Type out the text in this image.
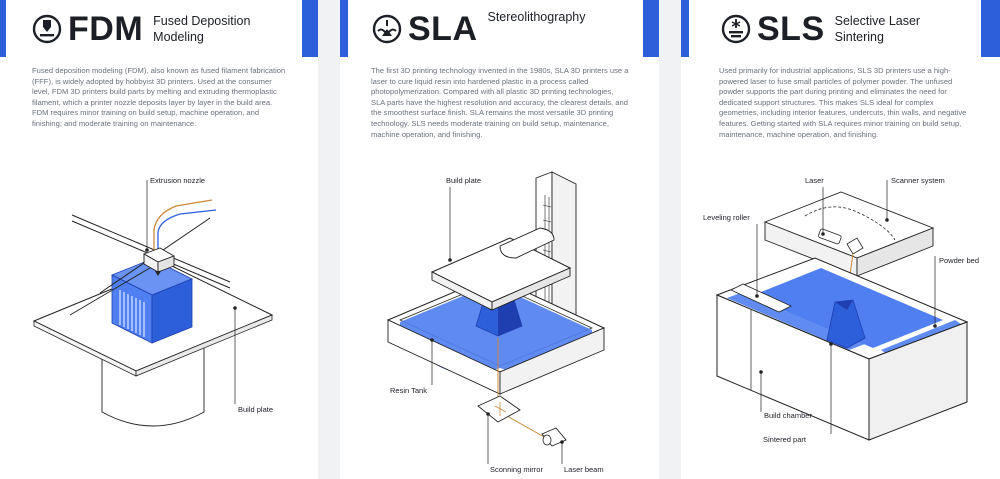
FDM Fused Deposition Modeling
Fused deposition modeling (FDM), also known as fused filament fabrication (FFF), is widely adopted by hobbyist 3D printers. Used at the consumer level, FDM 3D printers build parts by melting and extruding thermoplastic filament, which a printer nozzle deposits layer by layer in the build area. FDM requires minor training on build setup, machine operation, and finishing; and moderate training on maintenance.
Extrusion nozzle
Build plate
SLA Stereolithography
The first 3D printing technology invented in the 1980s, SLA 3D printers use a laser to cure liquid resin into hardened plastic in a process called photopolymerization. Compared with all plastic 3D printing technologies, SLA parts have the highest resolution and accuracy, the clearest details, and the smoothest surface finish. SLA remains the most versatile 3D printing technology. SLS needs moderate training on build setup, maintenance, machine operation, and finishing.
Build plate
Resin Tank
Sconning mirror	Laser beam
SLS Selective Laser Sintering
Used primarily for industrial applications, SLS 3D printers use a high-powered laser to fuse small particles of polymer powder. The unfused powder supports the part during printing and eliminates the need for dedicated support structures. This makes SLS ideal for complex geometries, including interior features, undercuts, thin walls, and negative features. Getting started with SLA requires minor training on build setup, maintenance, machine operation, and finishing.
Laser	Scanner system
Leveling roller
Powder bed
Build chamber
Sintered part
